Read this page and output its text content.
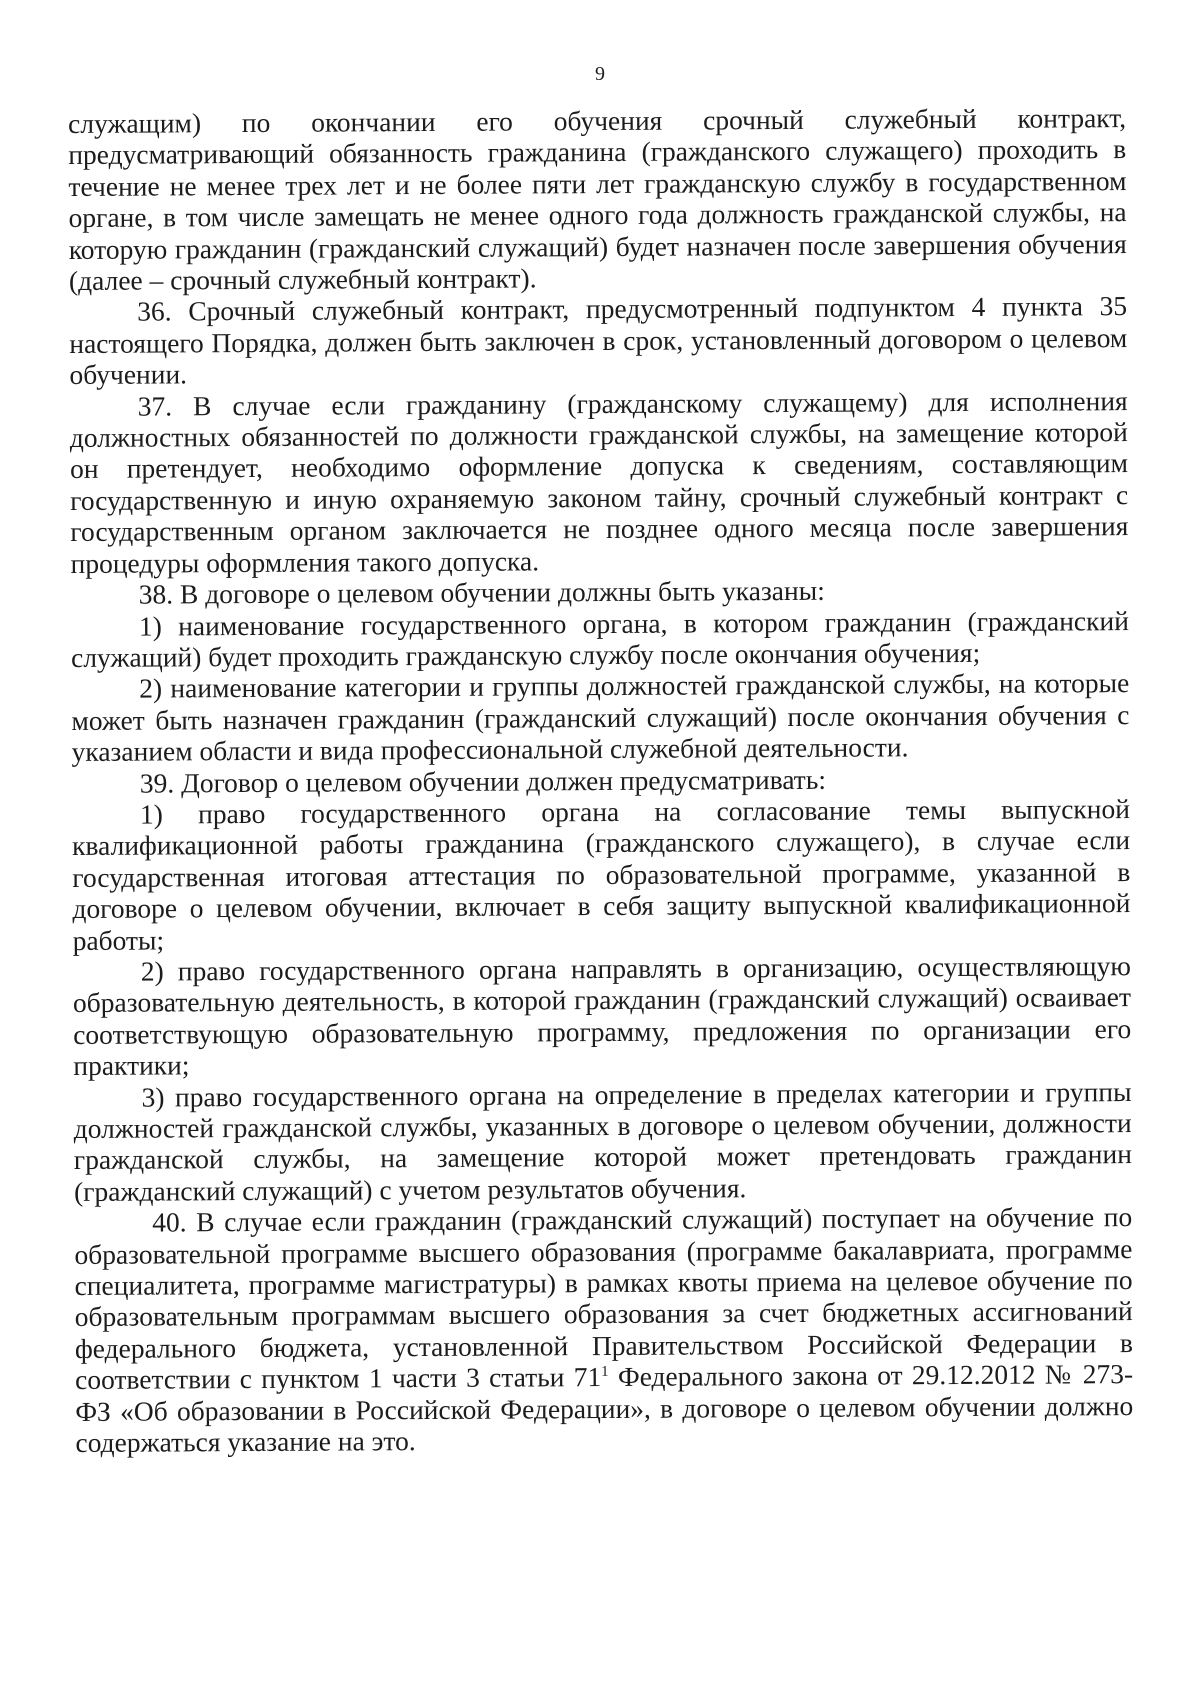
9

служащим) по окончании его обучения срочный служебный контракт, предусматривающий обязанность гражданина (гражданского служащего) проходить в течение не менее трех лет и не более пяти лет гражданскую службу в государственном органе, в том числе замещать не менее одного года должность гражданской службы, на которую гражданин (гражданский служащий) будет назначен после завершения обучения (далее – срочный служебный контракт).

36. Срочный служебный контракт, предусмотренный подпунктом 4 пункта 35 настоящего Порядка, должен быть заключен в срок, установленный договором о целевом обучении.

37. В случае если гражданину (гражданскому служащему) для исполнения должностных обязанностей по должности гражданской службы, на замещение которой он претендует, необходимо оформление допуска к сведениям, составляющим государственную и иную охраняемую законом тайну, срочный служебный контракт с государственным органом заключается не позднее одного месяца после завершения процедуры оформления такого допуска.

38. В договоре о целевом обучении должны быть указаны:

1) наименование государственного органа, в котором гражданин (гражданский служащий) будет проходить гражданскую службу после окончания обучения;

2) наименование категории и группы должностей гражданской службы, на которые может быть назначен гражданин (гражданский служащий) после окончания обучения с указанием области и вида профессиональной служебной деятельности.

39. Договор о целевом обучении должен предусматривать:

1) право государственного органа на согласование темы выпускной квалификационной работы гражданина (гражданского служащего), в случае если государственная итоговая аттестация по образовательной программе, указанной в договоре о целевом обучении, включает в себя защиту выпускной квалификационной работы;

2) право государственного органа направлять в организацию, осуществляющую образовательную деятельность, в которой гражданин (гражданский служащий) осваивает соответствующую образовательную программу, предложения по организации его практики;

3) право государственного органа на определение в пределах категории и группы должностей гражданской службы, указанных в договоре о целевом обучении, должности гражданской службы, на замещение которой может претендовать гражданин (гражданский служащий) с учетом результатов обучения.

40. В случае если гражданин (гражданский служащий) поступает на обучение по образовательной программе высшего образования (программе бакалавриата, программе специалитета, программе магистратуры) в рамках квоты приема на целевое обучение по образовательным программам высшего образования за счет бюджетных ассигнований федерального бюджета, установленной Правительством Российской Федерации в соответствии с пунктом 1 части 3 статьи $71^1$ Федерального закона от 29.12.2012 № 273-ФЗ «Об образовании в Российской Федерации», в договоре о целевом обучении должно содержаться указание на это.
